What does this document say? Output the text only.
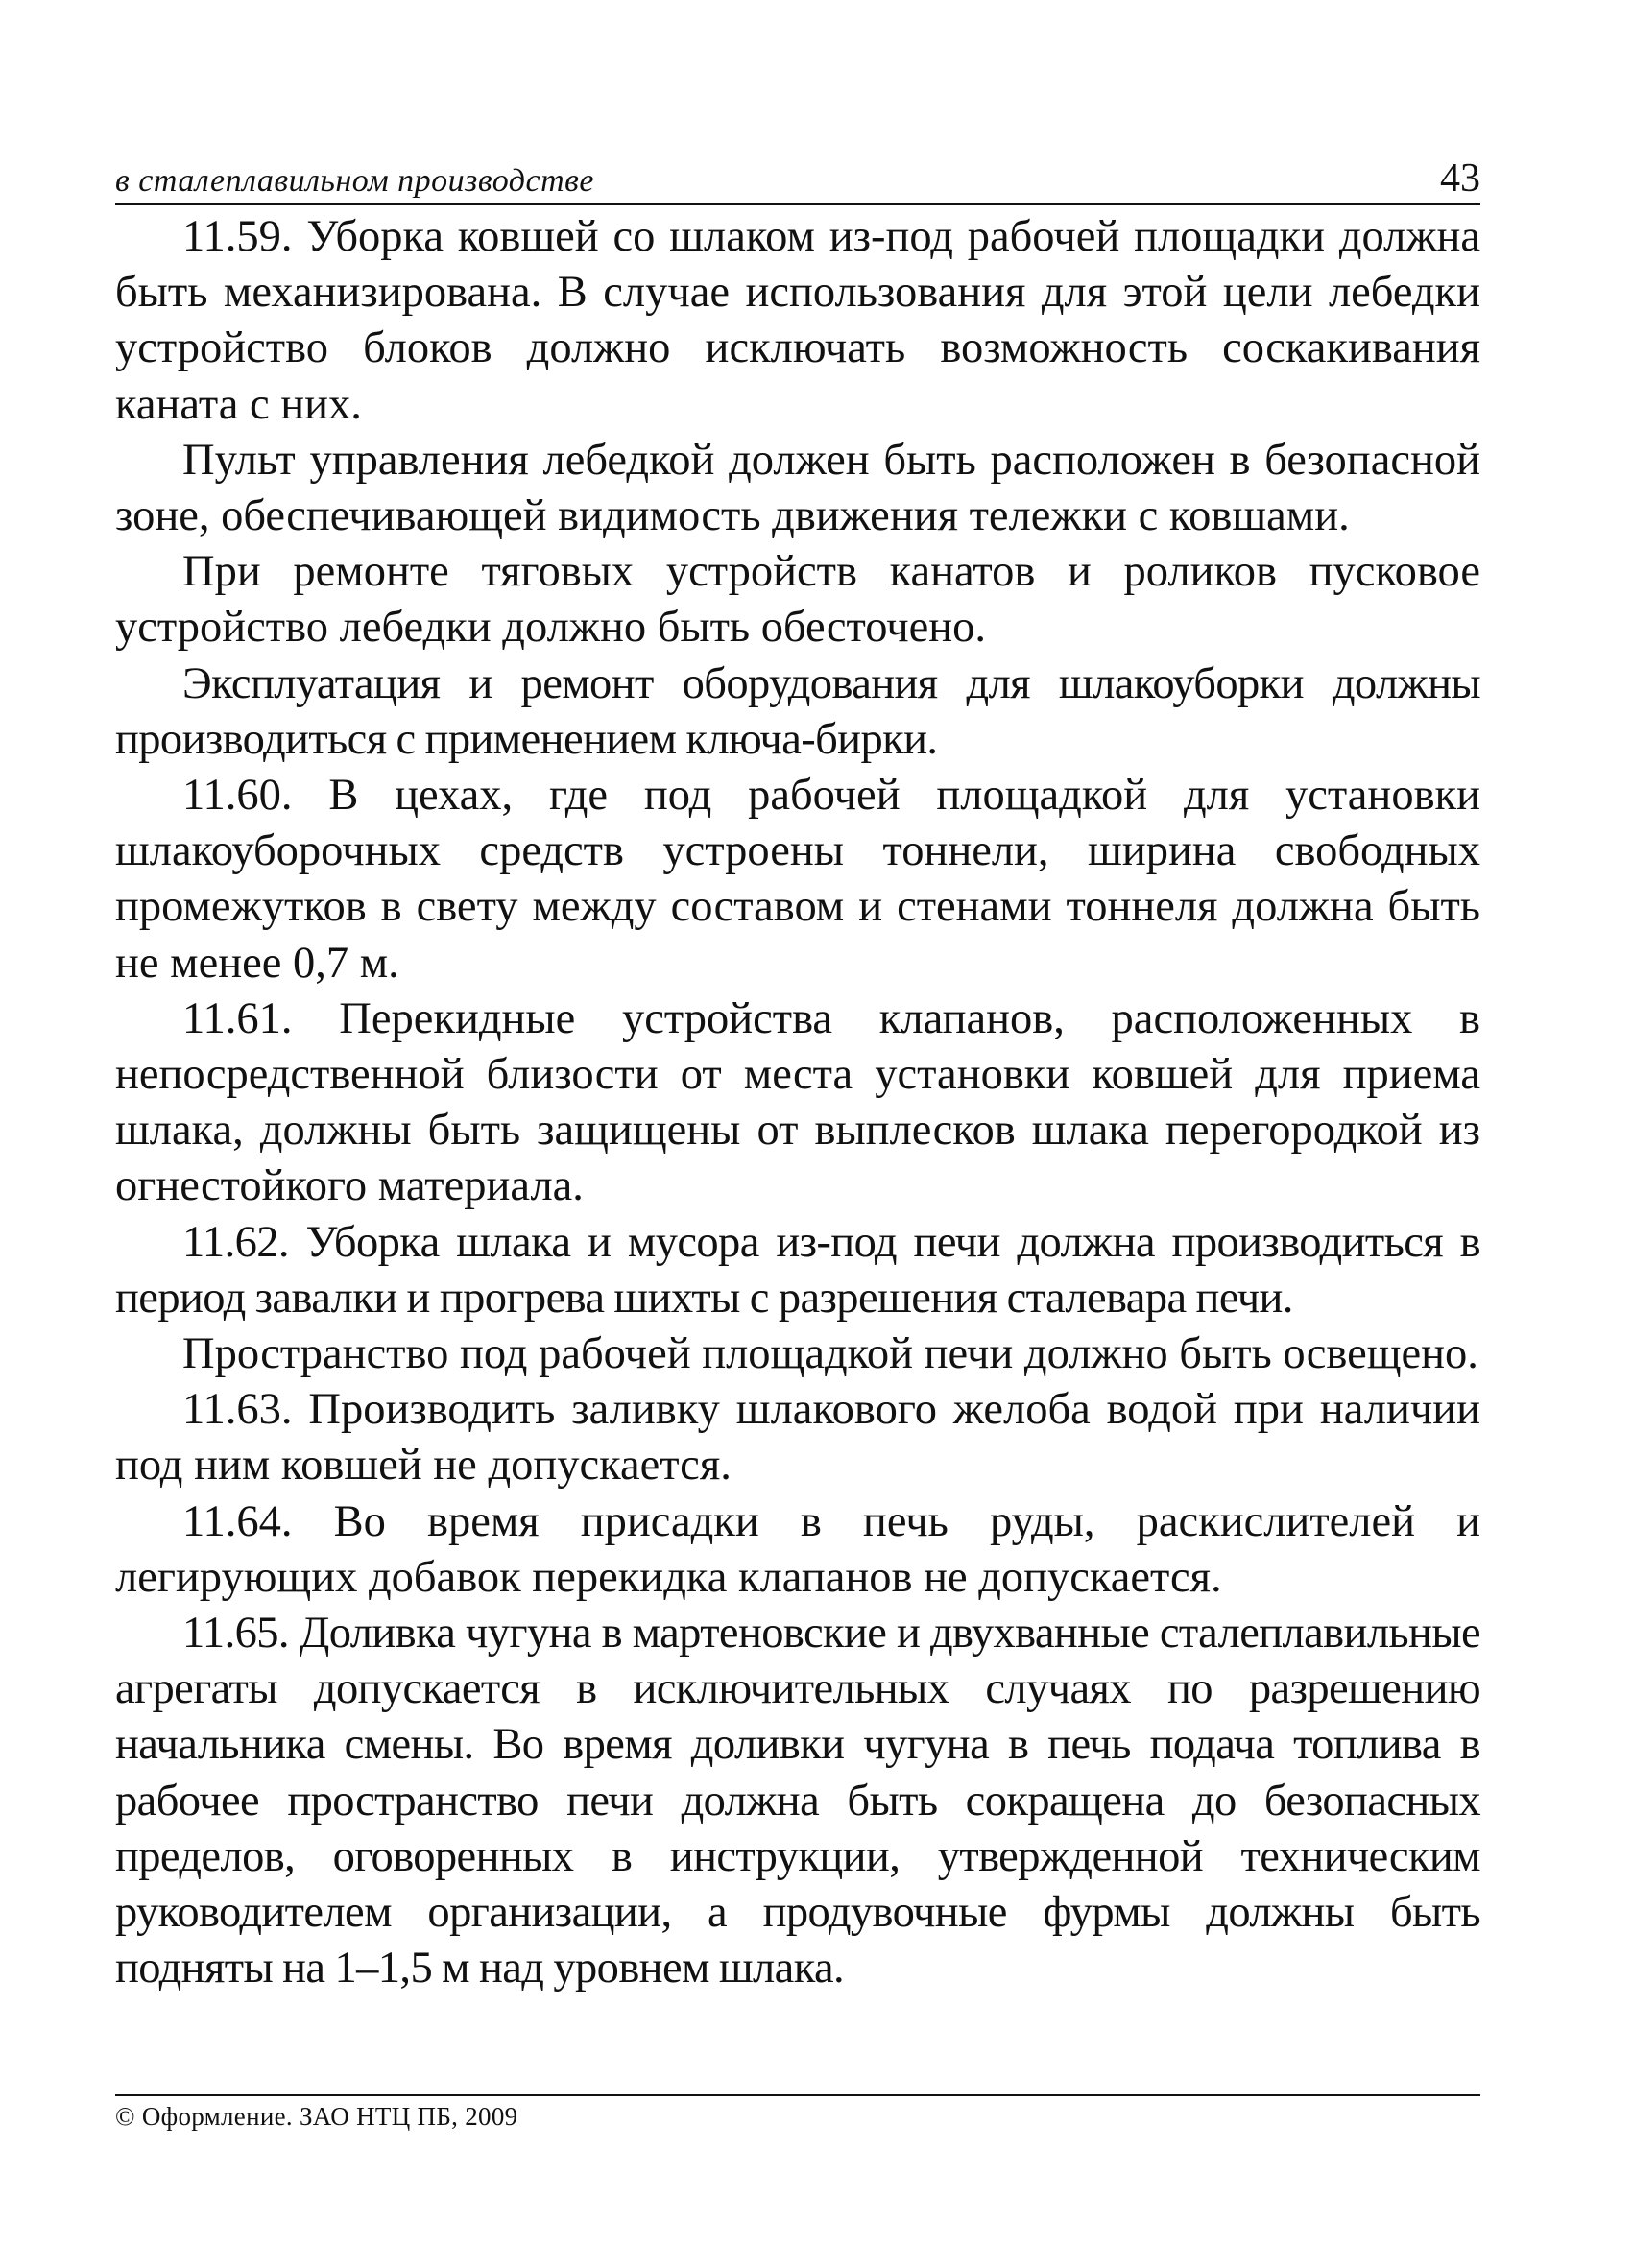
в сталеплавильном производстве	43

11.59. Уборка ковшей со шлаком из-под рабочей площадки должна быть механизирована. В случае использования для этой цели лебедки устройство блоков должно исключать возможность соскакивания каната с них.

Пульт управления лебедкой должен быть расположен в безопасной зоне, обеспечивающей видимость движения тележки с ковшами.

При ремонте тяговых устройств канатов и роликов пусковое устройство лебедки должно быть обесточено.

Эксплуатация и ремонт оборудования для шлакоуборки должны производиться с применением ключа-бирки.

11.60. В цехах, где под рабочей площадкой для установки шлакоуборочных средств устроены тоннели, ширина свободных промежутков в свету между составом и стенами тоннеля должна быть не менее 0,7 м.

11.61. Перекидные устройства клапанов, расположенных в непосредственной близости от места установки ковшей для приема шлака, должны быть защищены от выплесков шлака перегородкой из огнестойкого материала.

11.62. Уборка шлака и мусора из-под печи должна производиться в период завалки и прогрева шихты с разрешения сталевара печи.

Пространство под рабочей площадкой печи должно быть освещено.

11.63. Производить заливку шлакового желоба водой при наличии под ним ковшей не допускается.

11.64. Во время присадки в печь руды, раскислителей и легирующих добавок перекидка клапанов не допускается.

11.65. Доливка чугуна в мартеновские и двухванные сталеплавильные агрегаты допускается в исключительных случаях по разрешению начальника смены. Во время доливки чугуна в печь подача топлива в рабочее пространство печи должна быть сокращена до безопасных пределов, оговоренных в инструкции, утвержденной техническим руководителем организации, а продувочные фурмы должны быть подняты на 1–1,5 м над уровнем шлака.

© Оформление. ЗАО НТЦ ПБ, 2009
